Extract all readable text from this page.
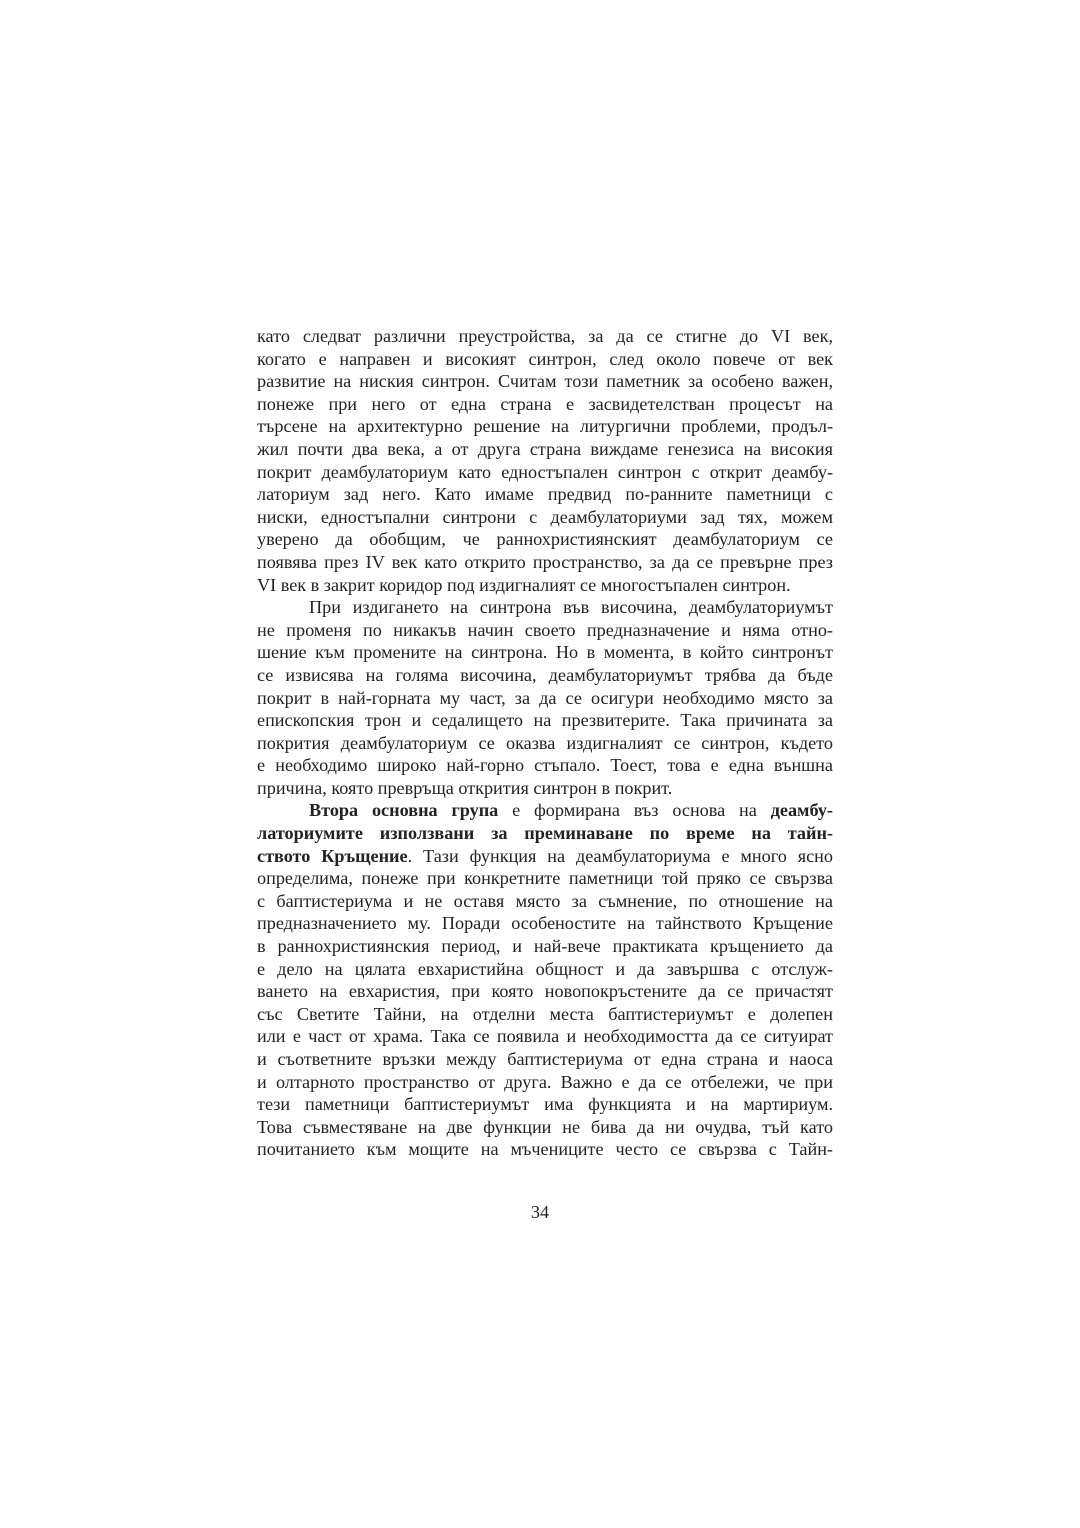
като следват различни преустройства, за да се стигне до VI век,
когато е направен и високият синтрон, след около повече от век
развитие на ниския синтрон. Считам този паметник за особено важен,
понеже при него от една страна е засвидетелстван процесът на
търсене на архитектурно решение на литургични проблеми, продъл-
жил почти два века, а от друга страна виждаме генезиса на високия
покрит деамбулаториум като едностъпален синтрон с открит деамбу-
латориум зад него. Като имаме предвид по-ранните паметници с
ниски, едностъпални синтрони с деамбулаториуми зад тях, можем
уверено да обобщим, че раннохристиянският деамбулаториум се
появява през IV век като открито пространство, за да се превърне през
VI век в закрит коридор под издигналият се многостъпален синтрон.
При издигането на синтрона във височина, деамбулаториумът
не променя по никакъв начин своето предназначение и няма отно-
шение към промените на синтрона. Но в момента, в който синтронът
се извисява на голяма височина, деамбулаториумът трябва да бъде
покрит в най-горната му част, за да се осигури необходимо място за
епископския трон и седалището на презвитерите. Така причината за
покрития деамбулаториум се оказва издигналият се синтрон, където
е необходимо широко най-горно стъпало. Тоест, това е една външна
причина, която превръща открития синтрон в покрит.
Втора основна група е формирана въз основа на деамбу-
латориумите използвани за преминаване по време на тайн-
ството Кръщение. Тази функция на деамбулаториума е много ясно
определима, понеже при конкретните паметници той пряко се свързва
с баптистериума и не оставя място за съмнение, по отношение на
предназначението му. Поради особеностите на тайнството Кръщение
в раннохристиянския период, и най-вече практиката кръщението да
е дело на цялата евхаристийна общност и да завършва с отслуж-
ването на евхаристия, при която новопокръстените да се причастят
със Светите Тайни, на отделни места баптистериумът е долепен
или е част от храма. Така се появила и необходимостта да се ситуират
и съответните връзки между баптистериума от една страна и наоса
и олтарното пространство от друга. Важно е да се отбележи, че при
тези паметници баптистериумът има функцията и на мартириум.
Това съвместяване на две функции не бива да ни очудва, тъй като
почитанието към мощите на мъчениците често се свързва с Тайн-
34
